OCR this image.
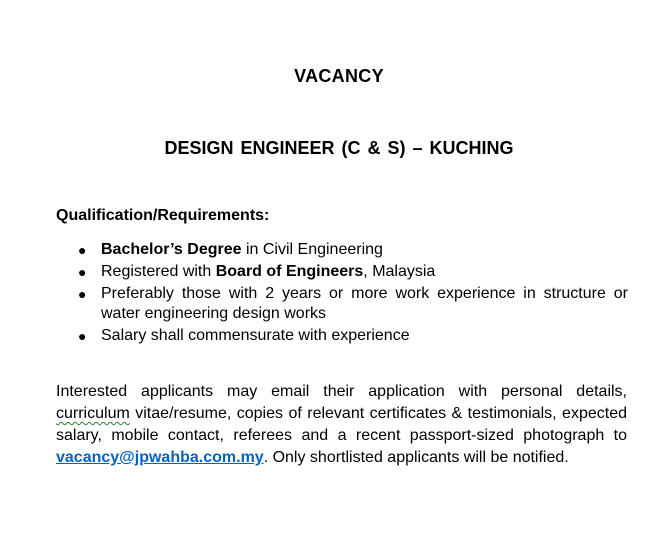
VACANCY
DESIGN ENGINEER (C & S) – KUCHING
Qualification/Requirements:
● Bachelor’s Degree in Civil Engineering
● Registered with Board of Engineers, Malaysia
● Preferably those with 2 years or more work experience in structure or water engineering design works
● Salary shall commensurate with experience
Interested applicants may email their application with personal details, curriculum vitae/resume, copies of relevant certificates & testimonials, expected salary, mobile contact, referees and a recent passport-sized photograph to vacancy@jpwahba.com.my. Only shortlisted applicants will be notified.
